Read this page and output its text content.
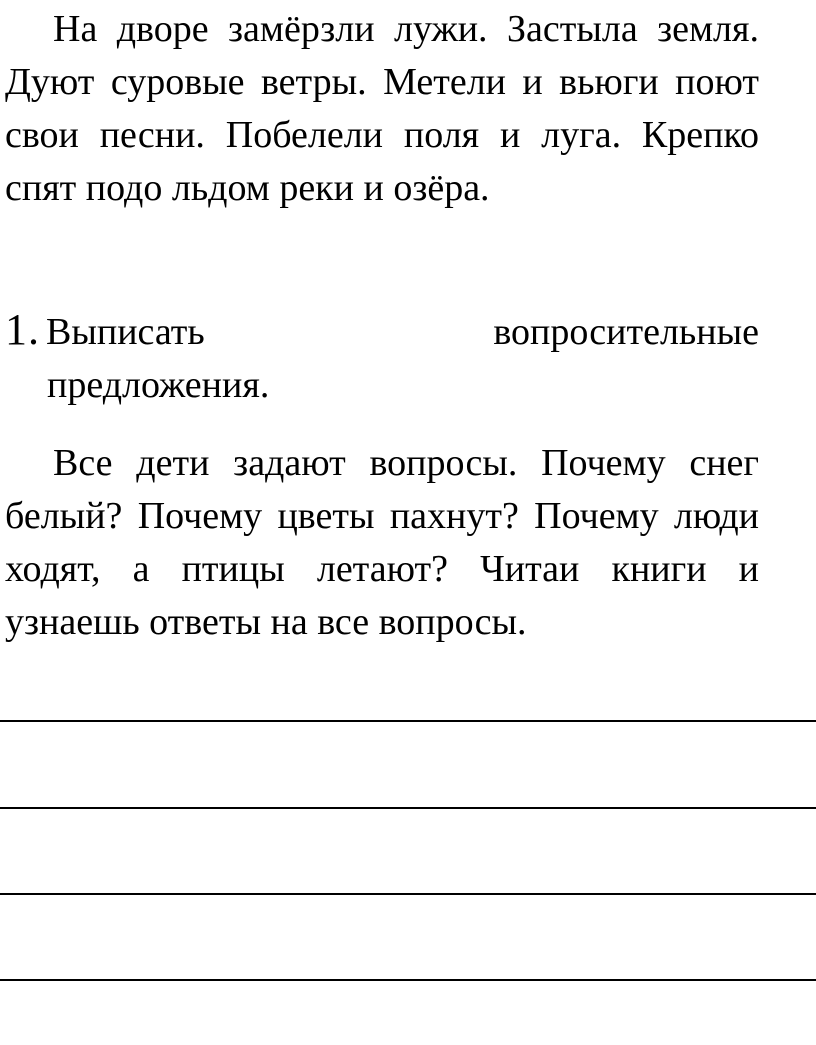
На дворе замёрзли лужи. Застыла земля. Дуют суровые ветры. Метели и вьюги поют свои песни. Побелели поля и луга. Крепко спят подо льдом реки и озёра.

1. Выписать	вопросительные
предложения.

Все дети задают вопросы. Почему снег белый? Почему цветы пахнут? Почему люди ходят, а птицы летают? Читаи книги и узнаешь ответы на все вопросы.
